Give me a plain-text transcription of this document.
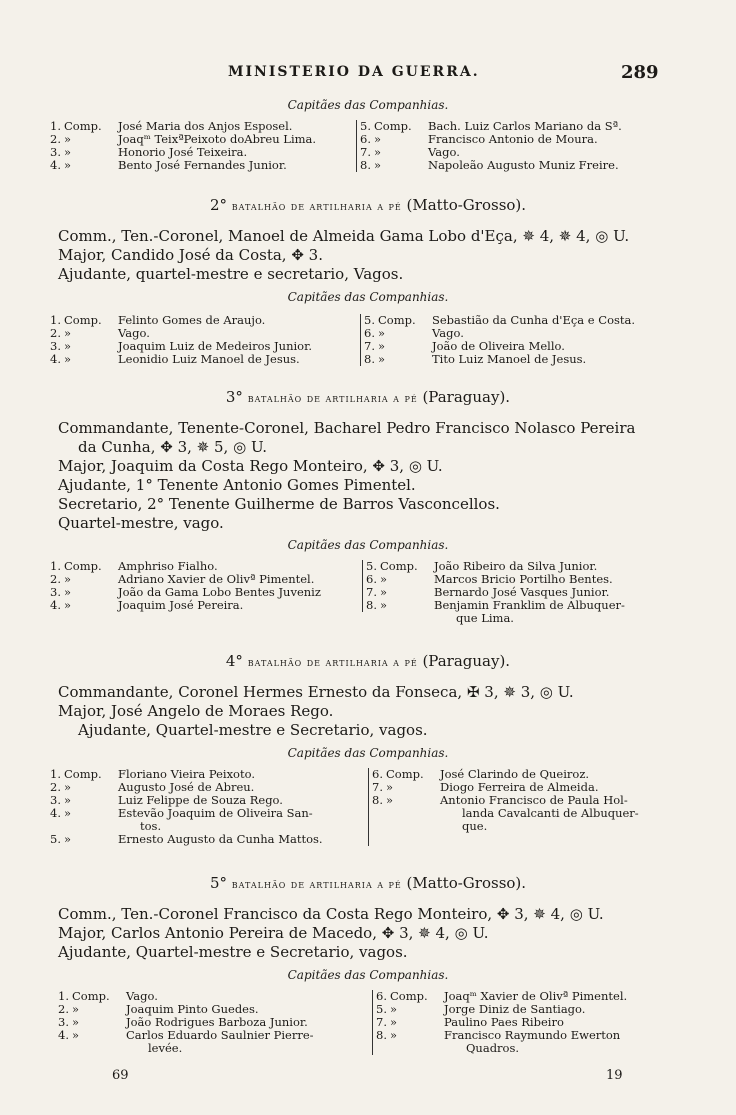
MINISTERIO DA GUERRA.	289
Capitães das Companhias.
1. Comp.	José Maria dos Anjos Esposel.
2. »	Joaqᵐ TeixªPeixoto doAbreu Lima.
3. »	Honorio José Teixeira.
4. »	Bento José Fernandes Junior.
5. Comp.	Bach. Luiz Carlos Mariano da Sª.
6. »	Francisco Antonio de Moura.
7. »	Vago.
8. »	Napoleão Augusto Muniz Freire.
2° batalhão de artilharia a pé (Matto-Grosso).
Comm., Ten.-Coronel, Manoel de Almeida Gama Lobo d'Eça, ✵ 4, ✵ 4, ◎ U.
Major, Candido José da Costa, ✥ 3.
Ajudante, quartel-mestre e secretario, Vagos.
Capitães das Companhias.
1. Comp.	Felinto Gomes de Araujo.
2. »	Vago.
3. »	Joaquim Luiz de Medeiros Junior.
4. »	Leonidio Luiz Manoel de Jesus.
5. Comp.	Sebastião da Cunha d'Eça e Costa.
6. »	Vago.
7. »	João de Oliveira Mello.
8. »	Tito Luiz Manoel de Jesus.
3° batalhão de artilharia a pé (Paraguay).
Commandante, Tenente-Coronel, Bacharel Pedro Francisco Nolasco Pereira
da Cunha, ✥ 3, ✵ 5, ◎ U.
Major, Joaquim da Costa Rego Monteiro, ✥ 3, ◎ U.
Ajudante, 1° Tenente Antonio Gomes Pimentel.
Secretario, 2° Tenente Guilherme de Barros Vasconcellos.
Quartel-mestre, vago.
Capitães das Companhias.
1. Comp.	Amphriso Fialho.
2. »	Adriano Xavier de Olivª Pimentel.
3. »	João da Gama Lobo Bentes Juveniz
4. »	Joaquim José Pereira.
5. Comp.	João Ribeiro da Silva Junior.
6. »	Marcos Bricio Portilho Bentes.
7. »	Bernardo José Vasques Junior.
8. »	Benjamin Franklim de Albuquer-
que Lima.
4° batalhão de artilharia a pé (Paraguay).
Commandante, Coronel Hermes Ernesto da Fonseca, ✠ 3, ✵ 3, ◎ U.
Major, José Angelo de Moraes Rego.
Ajudante, Quartel-mestre e Secretario, vagos.
Capitães das Companhias.
1. Comp.	Floriano Vieira Peixoto.
2. »	Augusto José de Abreu.
3. »	Luiz Felippe de Souza Rego.
4. »	Estevão Joaquim de Oliveira San-
tos.
5. »	Ernesto Augusto da Cunha Mattos.
6. Comp.	José Clarindo de Queiroz.
7. »	Diogo Ferreira de Almeida.
8. »	Antonio Francisco de Paula Hol-
landa Cavalcanti de Albuquer-
que.
5° batalhão de artilharia a pé (Matto-Grosso).
Comm., Ten.-Coronel Francisco da Costa Rego Monteiro, ✥ 3, ✵ 4, ◎ U.
Major, Carlos Antonio Pereira de Macedo, ✥ 3, ✵ 4, ◎ U.
Ajudante, Quartel-mestre e Secretario, vagos.
Capitães das Companhias.
1. Comp.	Vago.
2. »	Joaquim Pinto Guedes.
3. »	João Rodrigues Barboza Junior.
4. »	Carlos Eduardo Saulnier Pierre-
levée.
6. Comp.	Joaqᵐ Xavier de Olivª Pimentel.
5. »	Jorge Diniz de Santiago.
7. »	Paulino Paes Ribeiro
8. »	Francisco Raymundo Ewerton
Quadros.
69	19
